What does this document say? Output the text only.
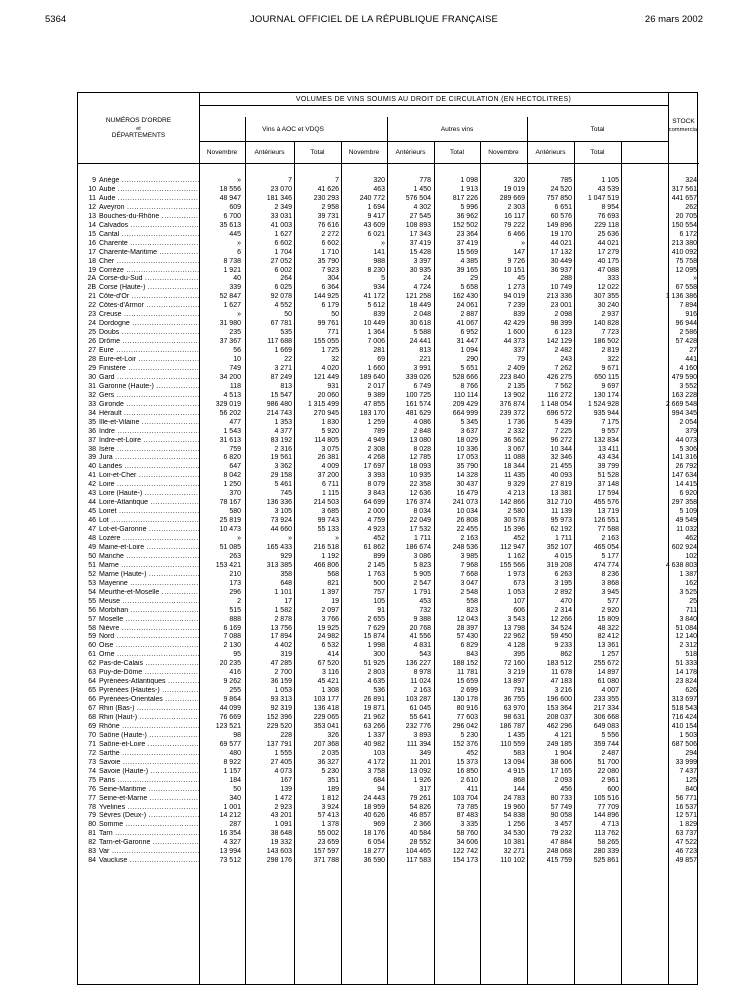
5364	JOURNAL OFFICIEL DE LA RÉPUBLIQUE FRANÇAISE	26 mars 2002
VOLUMES DE VINS SOUMIS AU DROIT DE CIRCULATION (EN HECTOLITRES)
NUMÉROS D'ORDRE
et
DÉPARTEMENTS
Vins à AOC et VDQS	Autres vins	Total
STOCK
commercial
Novembre	Antérieurs	Total	Novembre	Antérieurs	Total	Novembre	Antérieurs	Total
9 Ariège .....	»	7	7	320	778	1 098	320	785	1 105	324
10 Aube .....	18 556	23 070	41 626	463	1 450	1 913	19 019	24 520	43 539	317 561
11 Aude .....	48 947	181 346	230 293	240 772	576 504	817 226	289 669	757 850	1 047 519	441 657
12 Aveyron .....	609	2 349	2 958	1 694	4 302	5 996	2 303	6 651	8 954	262
13 Bouches-du-Rhône .....	6 700	33 031	39 731	9 417	27 545	36 962	16 117	60 576	76 693	20 705
14 Calvados .....	35 613	41 003	76 616	43 609	108 893	152 502	79 222	149 896	229 118	150 554
15 Cantal .....	445	1 627	2 272	6 021	17 343	23 364	6 466	19 170	25 636	6 172
16 Charente .....	»	6 602	6 602	»	37 419	37 419	»	44 021	44 021	213 380
17 Charente-Maritime .....	6	1 704	1 710	141	15 428	15 569	147	17 132	17 279	410 092
18 Cher .....	8 738	27 052	35 790	988	3 397	4 385	9 726	30 449	40 175	75 758
19 Corrèze .....	1 921	6 002	7 923	8 230	30 935	39 165	10 151	36 937	47 088	12 095
2A Corse-du-Sud .....	40	264	304	5	24	29	45	288	333	»
2B Corse (Haute-) .....	339	6 025	6 364	934	4 724	5 658	1 273	10 749	12 022	67 558
21 Côte-d'Or .....	52 847	92 078	144 925	41 172	121 258	162 430	94 019	213 336	307 355	1 136 386
22 Côtes-d'Armor .....	1 627	4 552	6 179	5 612	18 449	24 061	7 239	23 001	30 240	7 894
23 Creuse .....	»	50	50	839	2 048	2 887	839	2 098	2 937	916
24 Dordogne .....	31 980	67 781	99 761	10 449	30 618	41 067	42 429	98 399	140 828	96 944
25 Doubs .....	235	535	771	1 364	5 588	6 952	1 600	6 123	7 723	2 586
26 Drôme .....	37 367	117 688	155 055	7 006	24 441	31 447	44 373	142 129	186 502	57 428
27 Eure .....	56	1 669	1 725	281	813	1 094	337	2 482	2 819	27
28 Eure-et-Loir .....	10	22	32	69	221	290	79	243	322	441
29 Finistère .....	749	3 271	4 020	1 660	3 991	5 651	2 409	7 262	9 671	4 160
30 Gard .....	34 200	87 249	121 449	189 640	339 026	528 666	223 840	426 275	650 115	479 590
31 Garonne (Haute-) .....	118	813	931	2 017	6 749	8 766	2 135	7 562	9 697	3 552
32 Gers .....	4 513	15 547	20 060	9 389	100 725	110 114	13 902	116 272	130 174	163 228
33 Gironde .....	329 019	986 480	1 315 499	47 855	161 574	209 429	376 874	1 148 054	1 524 928	2 669 548
34 Hérault .....	56 202	214 743	270 945	183 170	481 629	664 999	239 372	696 572	935 944	994 345
35 Ille-et-Vilaine .....	477	1 353	1 830	1 259	4 086	5 345	1 736	5 439	7 175	2 054
36 Indre .....	1 543	4 377	5 920	789	2 848	3 637	2 332	7 225	9 557	379
37 Indre-et-Loire .....	31 613	83 192	114 805	4 949	13 080	18 029	36 562	96 272	132 834	44 073
38 Isère .....	759	2 316	3 075	2 308	8 028	10 336	3 067	10 344	13 411	5 306
39 Jura .....	6 820	19 561	26 381	4 268	12 785	17 053	11 088	32 346	43 434	141 316
40 Landes .....	647	3 362	4 009	17 697	18 093	35 790	18 344	21 455	39 799	26 792
41 Loir-et-Cher .....	8 042	29 158	37 200	3 393	10 935	14 328	11 435	40 093	51 528	147 634
42 Loire .....	1 250	5 461	6 711	8 079	22 358	30 437	9 329	27 819	37 148	14 415
43 Loire (Haute-) .....	370	745	1 115	3 843	12 636	16 479	4 213	13 381	17 594	6 920
44 Loire-Atlantique .....	78 167	136 336	214 503	64 699	176 374	241 073	142 866	312 710	455 576	297 358
45 Loiret .....	580	3 105	3 685	2 000	8 034	10 034	2 580	11 139	13 719	5 109
46 Lot .....	25 819	73 924	99 743	4 759	22 049	26 808	30 578	95 973	126 551	49 549
47 Lot-et-Garonne .....	10 473	44 660	55 133	4 923	17 532	22 455	15 396	62 192	77 588	11 032
48 Lozère .....	»	»	»	452	1 711	2 163	452	1 711	2 163	462
49 Maine-et-Loire .....	51 085	165 433	216 518	61 862	186 674	248 536	112 947	352 107	465 054	602 924
50 Manche .....	263	929	1 192	899	3 086	3 985	1 162	4 015	5 177	102
51 Marne .....	153 421	313 385	466 806	2 145	5 823	7 968	155 566	319 208	474 774	4 638 803
52 Marne (Haute-) .....	210	358	568	1 763	5 905	7 668	1 973	6 263	8 236	1 387
53 Mayenne .....	173	648	821	500	2 547	3 047	673	3 195	3 868	162
54 Meurthe-et-Moselle .....	296	1 101	1 397	757	1 791	2 548	1 053	2 892	3 945	3 525
55 Meuse .....	2	17	19	105	453	558	107	470	577	25
56 Morbihan .....	515	1 582	2 097	91	732	823	606	2 314	2 920	711
57 Moselle .....	888	2 878	3 766	2 655	9 388	12 043	3 543	12 266	15 809	3 840
58 Nièvre .....	6 169	13 756	19 925	7 629	20 768	28 397	13 798	34 524	48 322	51 084
59 Nord .....	7 088	17 894	24 982	15 874	41 556	57 430	22 962	59 450	82 412	12 140
60 Oise .....	2 130	4 402	6 532	1 998	4 831	6 829	4 128	9 233	13 361	2 312
61 Orne .....	95	319	414	300	543	843	395	862	1 257	518
62 Pas-de-Calais .....	20 235	47 285	67 520	51 925	136 227	188 152	72 160	183 512	255 672	51 333
63 Puy-de-Dôme .....	416	2 700	3 116	2 803	8 978	11 781	3 219	11 678	14 897	14 178
64 Pyrénées-Atlantiques .....	9 262	36 159	45 421	4 635	11 024	15 659	13 897	47 183	61 080	23 824
65 Pyrénées (Hautes-) .....	255	1 053	1 308	536	2 163	2 699	791	3 216	4 007	626
66 Pyrénées-Orientales .....	9 864	93 313	103 177	26 891	103 287	130 178	36 755	196 600	233 355	313 697
67 Rhin (Bas-) .....	44 099	92 319	136 418	19 871	61 045	80 916	63 970	153 364	217 334	518 543
68 Rhin (Haut-) .....	76 669	152 396	229 065	21 962	55 641	77 603	98 631	208 037	306 668	716 424
69 Rhône .....	123 521	229 520	353 041	63 266	232 776	296 042	186 787	462 296	649 083	410 154
70 Saône (Haute-) .....	98	228	326	1 337	3 893	5 230	1 435	4 121	5 556	1 503
71 Saône-et-Loire .....	69 577	137 791	207 368	40 982	111 394	152 376	110 559	249 185	359 744	687 506
72 Sarthe .....	480	1 555	2 035	103	349	452	583	1 904	2 487	294
73 Savoie .....	8 922	27 405	36 327	4 172	11 201	15 373	13 094	38 606	51 700	33 999
74 Savoie (Haute-) .....	1 157	4 073	5 230	3 758	13 092	16 850	4 915	17 165	22 080	7 437
75 Paris .....	184	167	351	684	1 926	2 610	868	2 093	2 961	125
76 Seine-Maritime .....	50	139	189	94	317	411	144	456	600	840
77 Seine-et-Marne .....	340	1 472	1 812	24 443	79 261	103 704	24 783	80 733	105 516	56 771
78 Yvelines .....	1 001	2 923	3 924	18 959	54 826	73 785	19 960	57 749	77 709	16 537
79 Sèvres (Deux-) .....	14 212	43 201	57 413	40 626	46 857	87 483	54 838	90 058	144 896	12 571
80 Somme .....	287	1 091	1 378	969	2 366	3 335	1 256	3 457	4 713	1 829
81 Tarn .....	16 354	38 648	55 002	18 176	40 584	58 760	34 530	79 232	113 762	63 737
82 Tarn-et-Garonne .....	4 327	19 332	23 659	6 054	28 552	34 606	10 381	47 884	58 265	47 522
83 Var .....	13 994	143 603	157 597	18 277	104 465	122 742	32 271	248 068	280 339	46 723
84 Vaucluse .....	73 512	298 176	371 788	36 590	117 583	154 173	110 102	415 759	525 861	49 857
